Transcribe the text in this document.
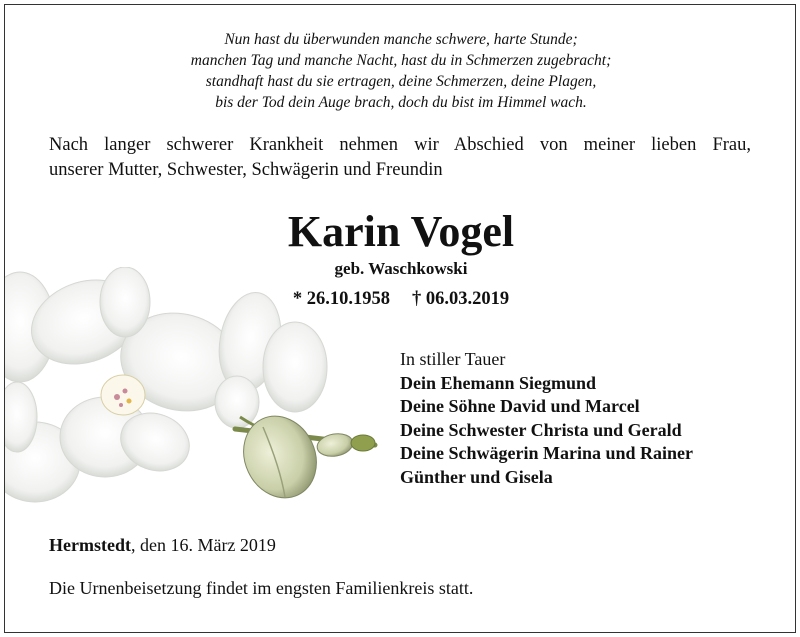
Nun hast du überwunden manche schwere, harte Stunde;
manchen Tag und manche Nacht, hast du in Schmerzen zugebracht;
standhaft hast du sie ertragen, deine Schmerzen, deine Plagen,
bis der Tod dein Auge brach, doch du bist im Himmel wach.
Nach langer schwerer Krankheit nehmen wir Abschied von meiner lieben Frau,
unserer Mutter, Schwester, Schwägerin und Freundin
Karin Vogel
geb. Waschkowski
* 26.10.1958 † 06.03.2019
In stiller Tauer
Dein Ehemann Siegmund
Deine Söhne David und Marcel
Deine Schwester Christa und Gerald
Deine Schwägerin Marina und Rainer
Günther und Gisela
Hermstedt, den 16. März 2019
Die Urnenbeisetzung findet im engsten Familienkreis statt.
